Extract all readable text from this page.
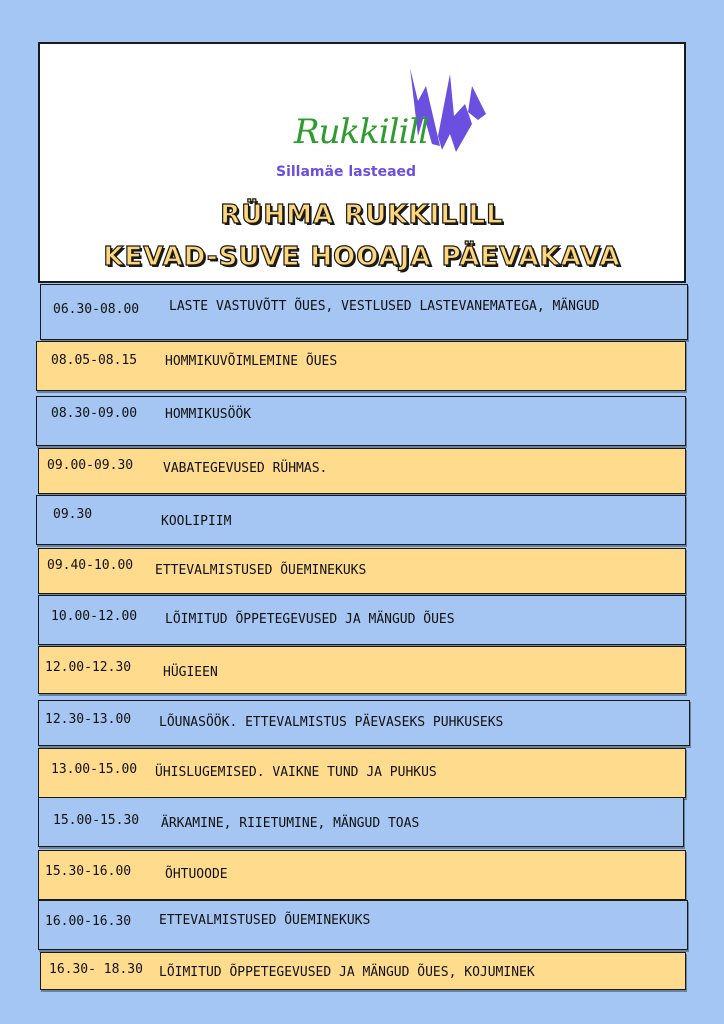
Rukkilill
Sillamäe lasteaed
RÜHMA RUKKILILL
KEVAD-SUVE HOOAJA PÄEVAKAVA
06.30-08.00 LASTE VASTUVÕTT ÕUES, VESTLUSED LASTEVANEMATEGA, MÄNGUD
08.05-08.15 HOMMIKUVÕIMLEMINE ÕUES
08.30-09.00 HOMMIKUSÖÖK
09.00-09.30 VABATEGEVUSED RÜHMAS.
09.30	KOOLIPIIM
09.40-10.00 ETTEVALMISTUSED ÕUEMINEKUKS
10.00-12.00 LÕIMITUD ÕPPETEGEVUSED JA MÄNGUD ÕUES
12.00-12.30 HÜGIEEN
12.30-13.00 LÕUNASÖÖK. ETTEVALMISTUS PÄEVASEKS PUHKUSEKS
13.00-15.00 ÜHISLUGEMISED. VAIKNE TUND JA PUHKUS
15.00-15.30 ÄRKAMINE, RIIETUMINE, MÄNGUD TOAS
15.30-16.00	ÕHTUOODE
16.00-16.30 ETTEVALMISTUSED ÕUEMINEKUKS
16.30- 18.30 LÕIMITUD ÕPPETEGEVUSED JA MÄNGUD ÕUES, KOJUMINEK
